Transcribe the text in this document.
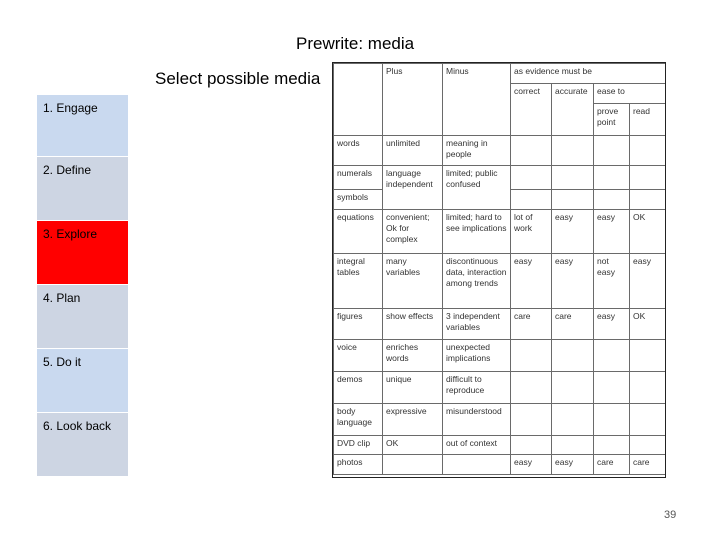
Prewrite: media
1. Engage
2. Define
3. Explore
4. Plan
5. Do it
6. Look back
Select possible media
		Plus	Minus	as evidence must be			
			correct	accurate	ease to	
					prove point	read
words	unlimited	meaning in people				
numerals	language independent	limited; public confused				
symbols						
equations	convenient; Ok for complex	limited; hard to see implications	lot of work	easy	easy	OK
integral tables	many variables	discontinuous data, interaction among trends	easy	easy	not easy	easy
figures	show effects	3 independent variables	care	care	easy	OK
voice	enriches words	unexpected implications				
demos	unique	difficult to reproduce				
body language	expressive	misunderstood				
DVD clip	OK	out of context				
photos			easy	easy	care	care
39
